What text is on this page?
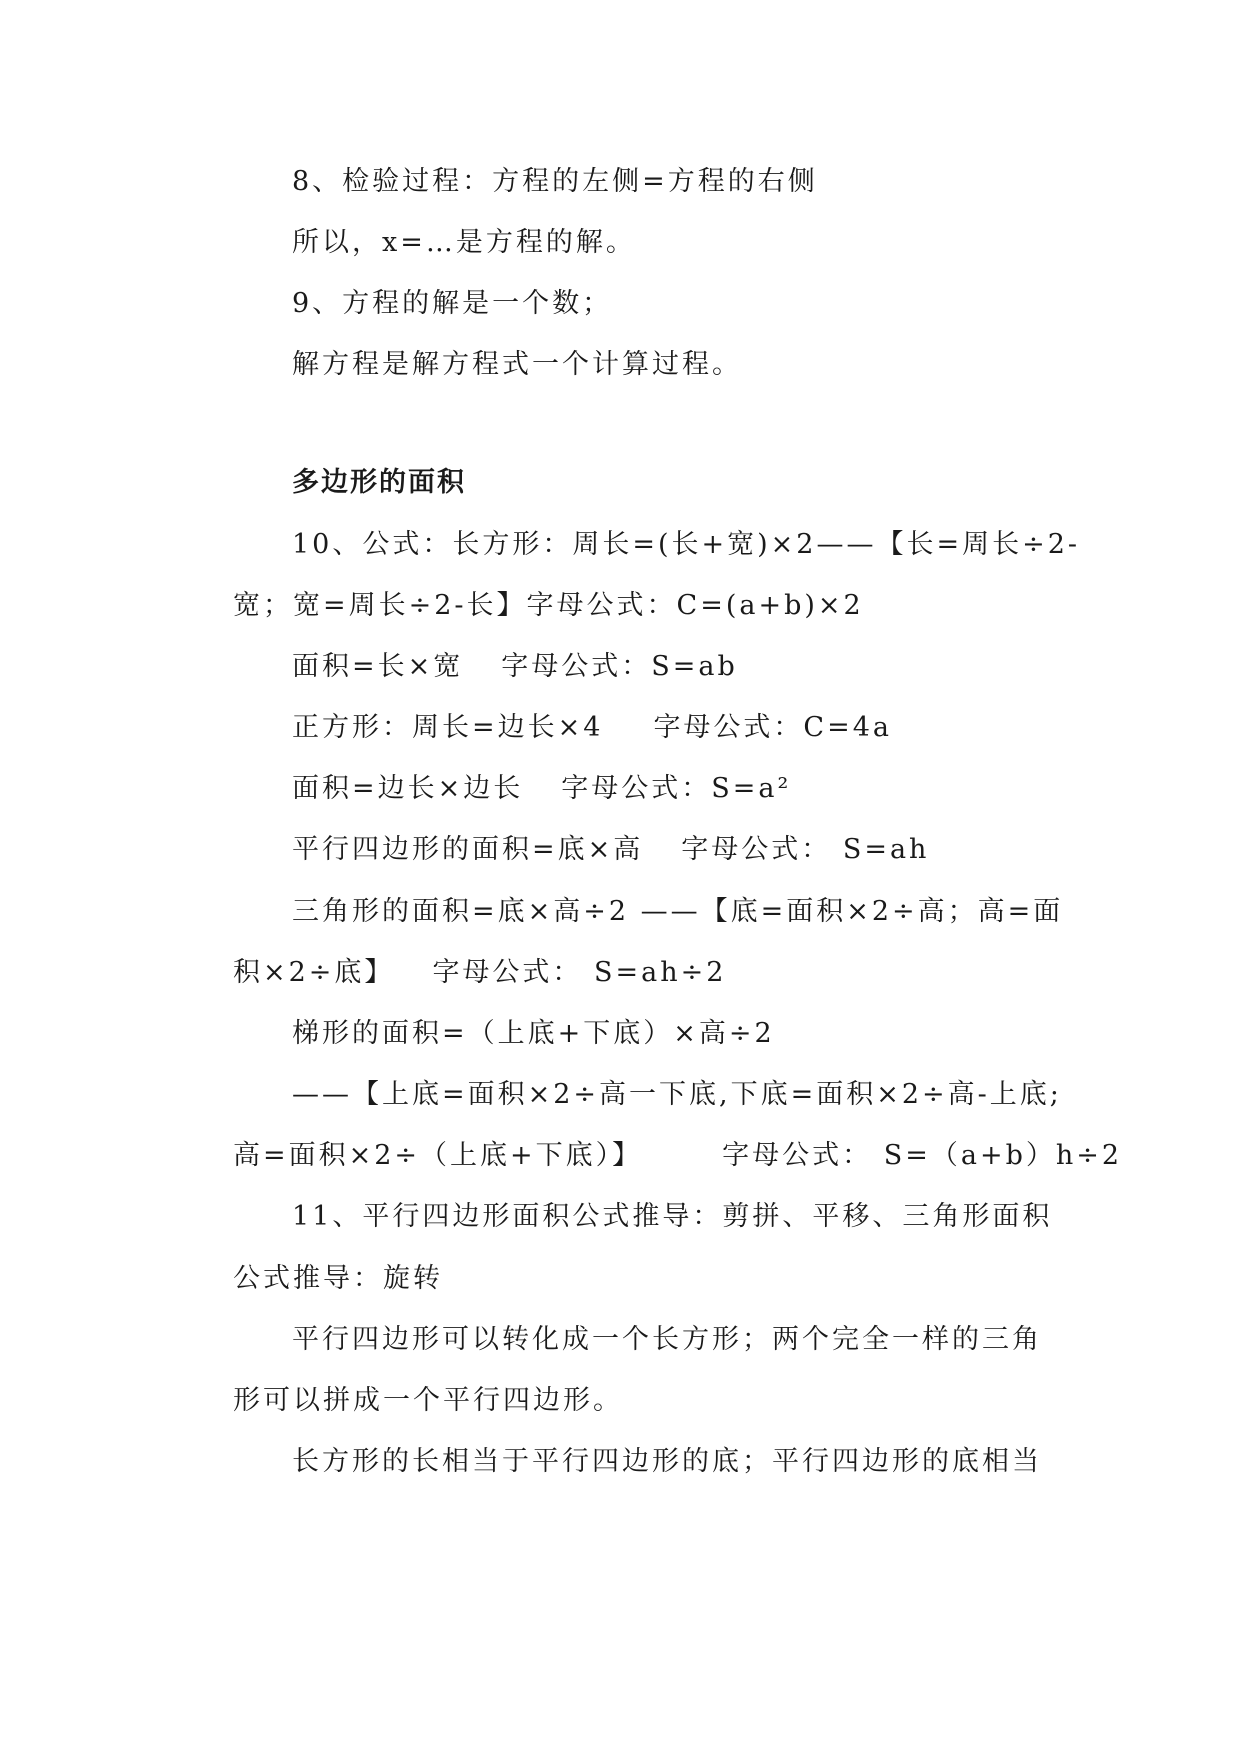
8、检验过程：方程的左侧=方程的右侧
所以，x=…是方程的解。
9、方程的解是一个数；
解方程是解方程式一个计算过程。
多边形的面积
10、公式：长方形：周长=(长+宽)×2——【长=周长÷2-
宽；宽=周长÷2-长】字母公式：C=(a+b)×2
面积=长×宽 字母公式：S=ab
正方形：周长=边长×4 字母公式：C=4a
面积=边长×边长 字母公式：S=a²
平行四边形的面积=底×高 字母公式： S=ah
三角形的面积=底×高÷2 ——【底=面积×2÷高；高=面
积×2÷底】 字母公式： S=ah÷2
梯形的面积=（上底+下底）×高÷2
——【上底=面积×2÷高一下底,下底=面积×2÷高-上底;
高=面积×2÷（上底+下底）】	字母公式： S=（a+b）h÷2
11、平行四边形面积公式推导：剪拼、平移、三角形面积
公式推导：旋转
平行四边形可以转化成一个长方形；两个完全一样的三角
形可以拼成一个平行四边形。
长方形的长相当于平行四边形的底；平行四边形的底相当
